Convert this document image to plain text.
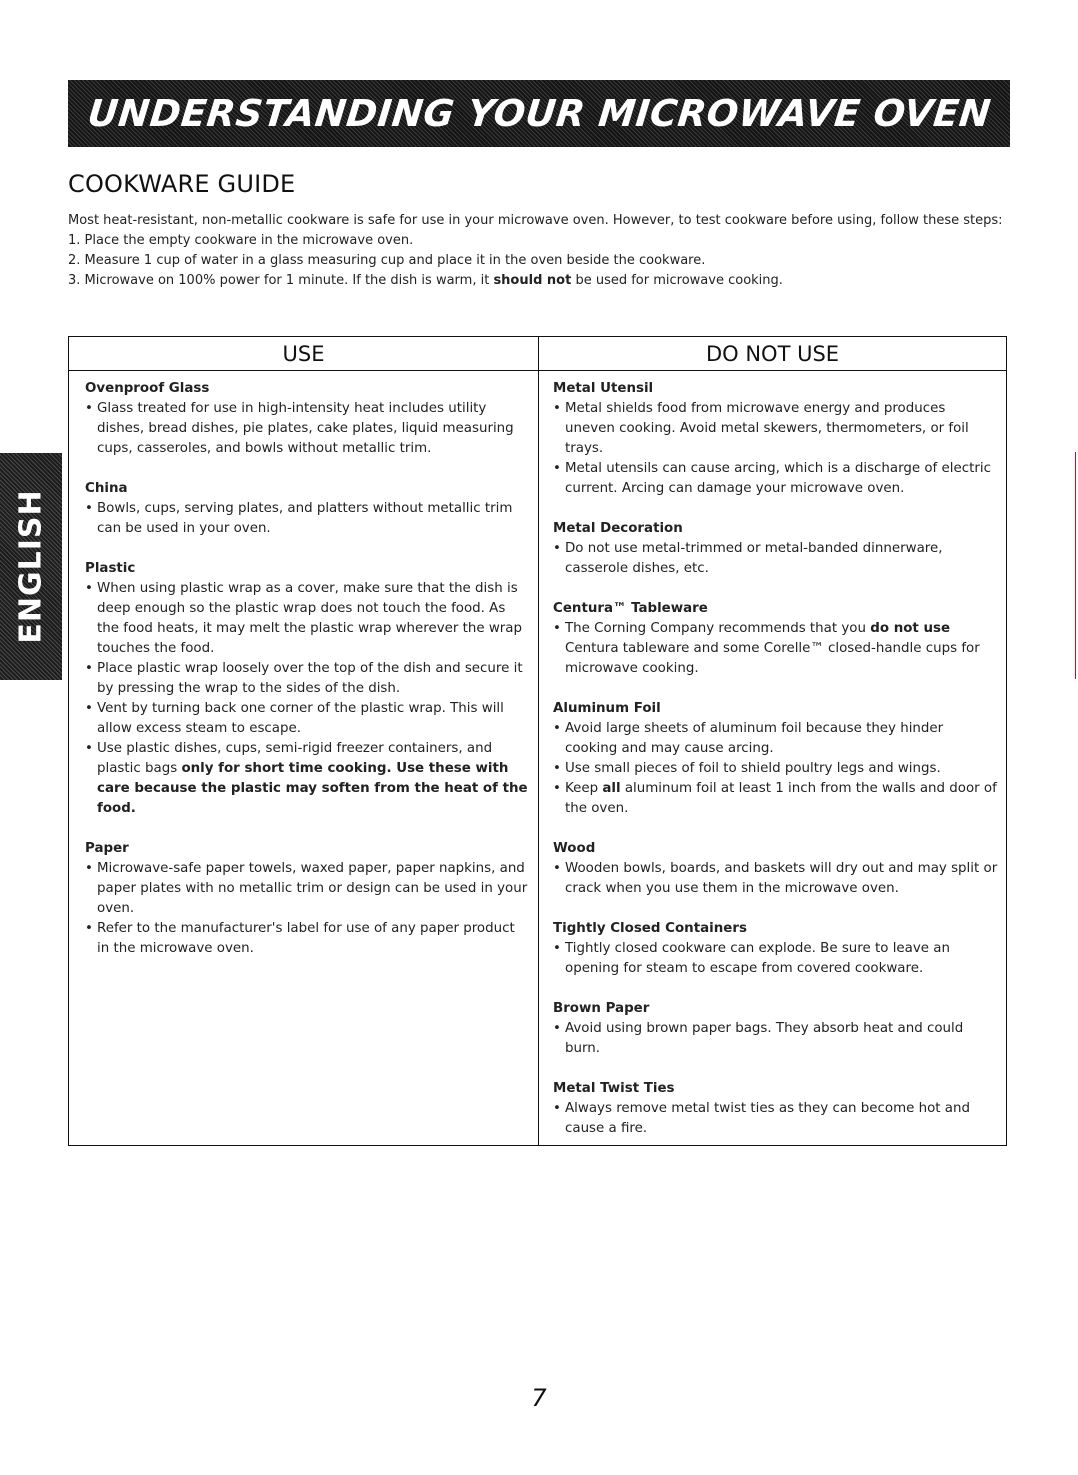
UNDERSTANDING YOUR MICROWAVE OVEN
COOKWARE GUIDE

Most heat-resistant, non-metallic cookware is safe for use in your microwave oven. However, to test cookware before using, follow these steps:

1. Place the empty cookware in the microwave oven.

2. Measure 1 cup of water in a glass measuring cup and place it in the oven beside the cookware.

3. Microwave on 100% power for 1 minute. If the dish is warm, it should not be used for microwave cooking.

ENGLISH
USE

Ovenproof Glass

• Glass treated for use in high-intensity heat includes utility dishes, bread dishes, pie plates, cake plates, liquid measuring cups, casseroles, and bowls without metallic trim.

China

• Bowls, cups, serving plates, and platters without metallic trim can be used in your oven.

Plastic

• When using plastic wrap as a cover, make sure that the dish is deep enough so the plastic wrap does not touch the food. As the food heats, it may melt the plastic wrap wherever the wrap touches the food.
• Place plastic wrap loosely over the top of the dish and secure it by pressing the wrap to the sides of the dish.
• Vent by turning back one corner of the plastic wrap. This will allow excess steam to escape.
• Use plastic dishes, cups, semi-rigid freezer containers, and plastic bags only for short time cooking. Use these with care because the plastic may soften from the heat of the food.

Paper

• Microwave-safe paper towels, waxed paper, paper napkins, and paper plates with no metallic trim or design can be used in your oven.
• Refer to the manufacturer's label for use of any paper product in the microwave oven.
DO NOT USE

Metal Utensil

• Metal shields food from microwave energy and produces uneven cooking. Avoid metal skewers, thermometers, or foil trays.
• Metal utensils can cause arcing, which is a discharge of electric current. Arcing can damage your microwave oven.

Metal Decoration

• Do not use metal-trimmed or metal-banded dinnerware, casserole dishes, etc.

Centura™ Tableware

• The Corning Company recommends that you do not use Centura tableware and some Corelle™ closed-handle cups for microwave cooking.

Aluminum Foil

• Avoid large sheets of aluminum foil because they hinder cooking and may cause arcing.
• Use small pieces of foil to shield poultry legs and wings.
• Keep all aluminum foil at least 1 inch from the walls and door of the oven.

Wood

• Wooden bowls, boards, and baskets will dry out and may split or crack when you use them in the microwave oven.

Tightly Closed Containers

• Tightly closed cookware can explode. Be sure to leave an opening for steam to escape from covered cookware.

Brown Paper

• Avoid using brown paper bags. They absorb heat and could burn.

Metal Twist Ties

• Always remove metal twist ties as they can become hot and cause a fire.
7
